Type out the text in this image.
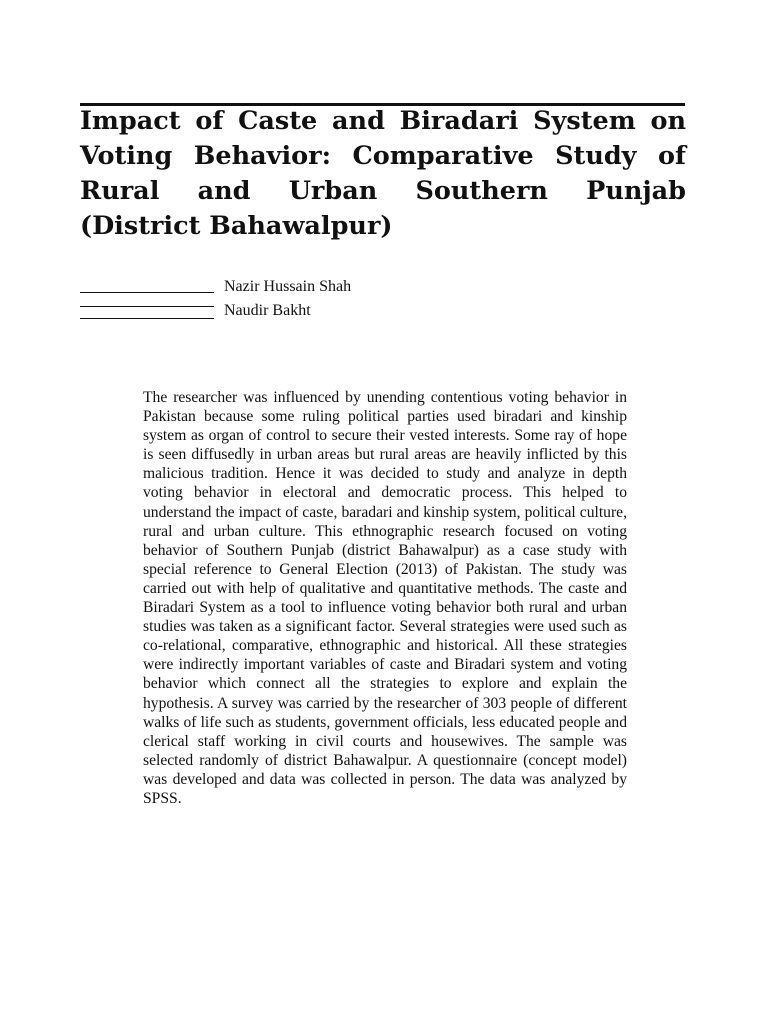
Impact of Caste and Biradari System on Voting Behavior: Comparative Study of Rural and Urban Southern Punjab (District Bahawalpur)
Nazir Hussain Shah
Naudir Bakht

The researcher was influenced by unending contentious voting behavior in Pakistan because some ruling political parties used biradari and kinship system as organ of control to secure their vested interests. Some ray of hope is seen diffusedly in urban areas but rural areas are heavily inflicted by this malicious tradition. Hence it was decided to study and analyze in depth voting behavior in electoral and democratic process. This helped to understand the impact of caste, baradari and kinship system, political culture, rural and urban culture. This ethnographic research focused on voting behavior of Southern Punjab (district Bahawalpur) as a case study with special reference to General Election (2013) of Pakistan. The study was carried out with help of qualitative and quantitative methods. The caste and Biradari System as a tool to influence voting behavior both rural and urban studies was taken as a significant factor. Several strategies were used such as co-relational, comparative, ethnographic and historical. All these strategies were indirectly important variables of caste and Biradari system and voting behavior which connect all the strategies to explore and explain the hypothesis. A survey was carried by the researcher of 303 people of different walks of life such as students, government officials, less educated people and clerical staff working in civil courts and housewives. The sample was selected randomly of district Bahawalpur. A questionnaire (concept model) was developed and data was collected in person. The data was analyzed by SPSS.
